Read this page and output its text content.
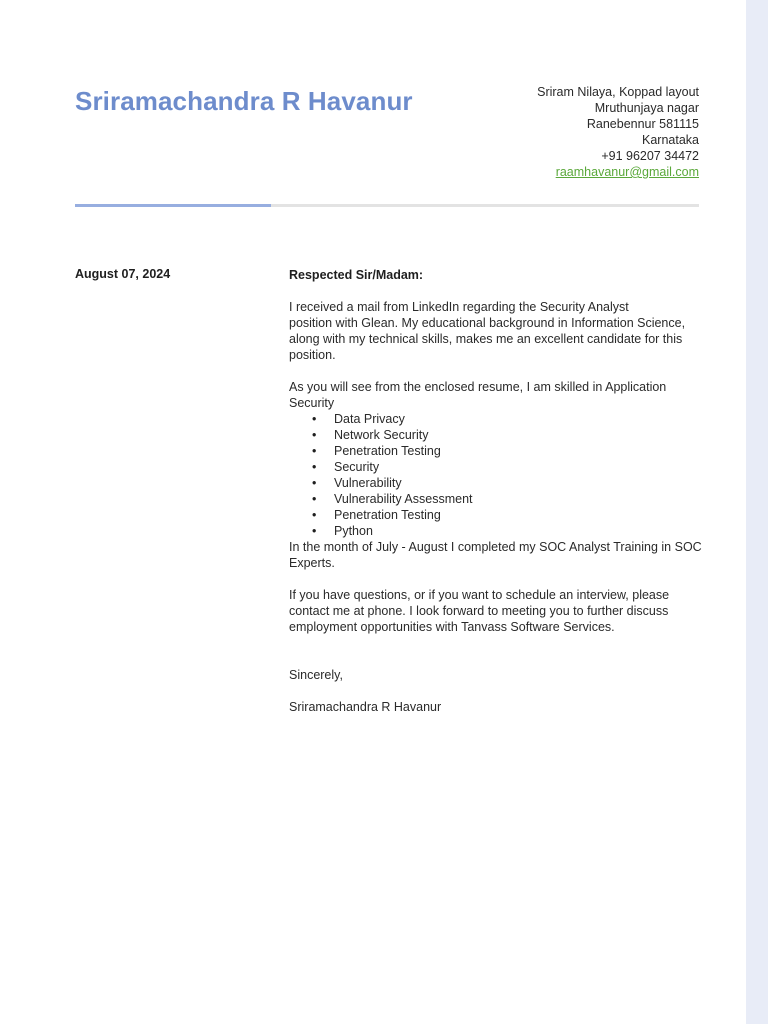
Sriramachandra R Havanur	Sriram Nilaya, Koppad layout
Mruthunjaya nagar
Ranebennur 581115
Karnataka
+91 96207 34472
raamhavanur@gmail.com
August 07, 2024	Respected Sir/Madam:

I received a mail from LinkedIn regarding the Security Analyst
position with Glean. My educational background in Information Science,
along with my technical skills, makes me an excellent candidate for this
position.

As you will see from the enclosed resume, I am skilled in Application
Security

• Data Privacy
• Network Security
• Penetration Testing
• Security
• Vulnerability
• Vulnerability Assessment
• Penetration Testing
• Python

In the month of July - August I completed my SOC Analyst Training in SOC
Experts.

If you have questions, or if you want to schedule an interview, please
contact me at phone. I look forward to meeting you to further discuss
employment opportunities with Tanvass Software Services.

Sincerely,

Sriramachandra R Havanur
